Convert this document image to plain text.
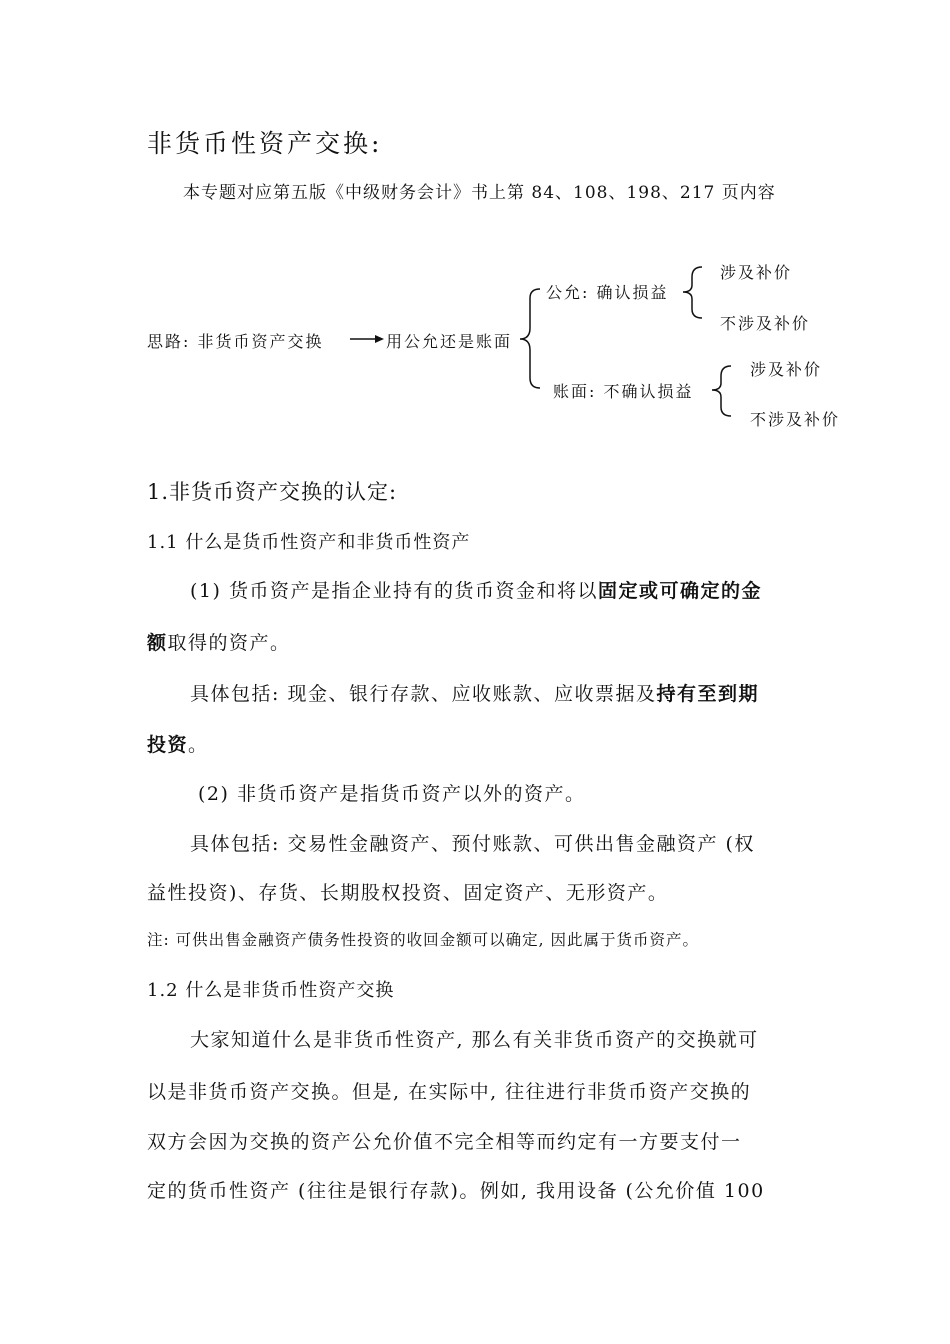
非货币性资产交换:
本专题对应第五版《中级财务会计》书上第 84、108、198、217 页内容
思路: 非货币资产交换	用公允还是账面
公允: 确认损益
账面: 不确认损益
涉及补价
不涉及补价
涉及补价
不涉及补价
1.非货币资产交换的认定:
1.1 什么是货币性资产和非货币性资产
(1) 货币资产是指企业持有的货币资金和将以固定或可确定的金
额取得的资产。
具体包括: 现金、银行存款、应收账款、应收票据及持有至到期
投资。
(2) 非货币资产是指货币资产以外的资产。
具体包括: 交易性金融资产、预付账款、可供出售金融资产 (权
益性投资)、存货、长期股权投资、固定资产、无形资产。
注: 可供出售金融资产债务性投资的收回金额可以确定, 因此属于货币资产。
1.2 什么是非货币性资产交换
大家知道什么是非货币性资产, 那么有关非货币资产的交换就可
以是非货币资产交换。但是, 在实际中, 往往进行非货币资产交换的
双方会因为交换的资产公允价值不完全相等而约定有一方要支付一
定的货币性资产 (往往是银行存款)。例如, 我用设备 (公允价值 100
